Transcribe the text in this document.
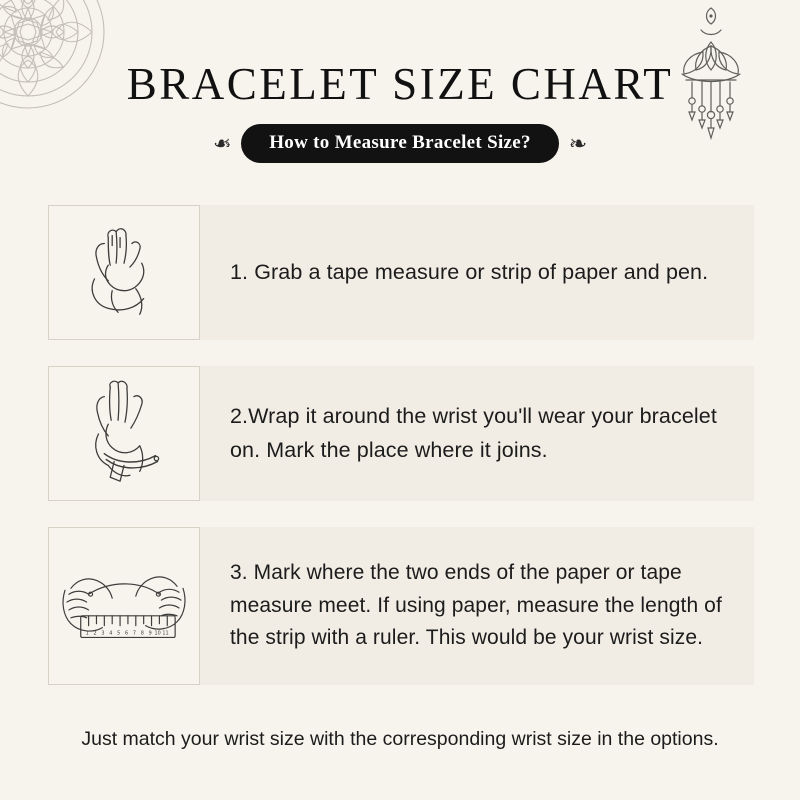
BRACELET SIZE CHART
❧	How to Measure Bracelet Size?	❧
1. Grab a tape measure or strip of paper and pen.
2.Wrap it around the wrist you'll wear your bracelet on. Mark the place where it joins.
1 2 3 4 5 6 7 8 9 10 11
3. Mark where the two ends of the paper or tape measure meet. If using paper, measure the length of the strip with a ruler. This would be your wrist size.
Just match your wrist size with the corresponding wrist size in the options.
